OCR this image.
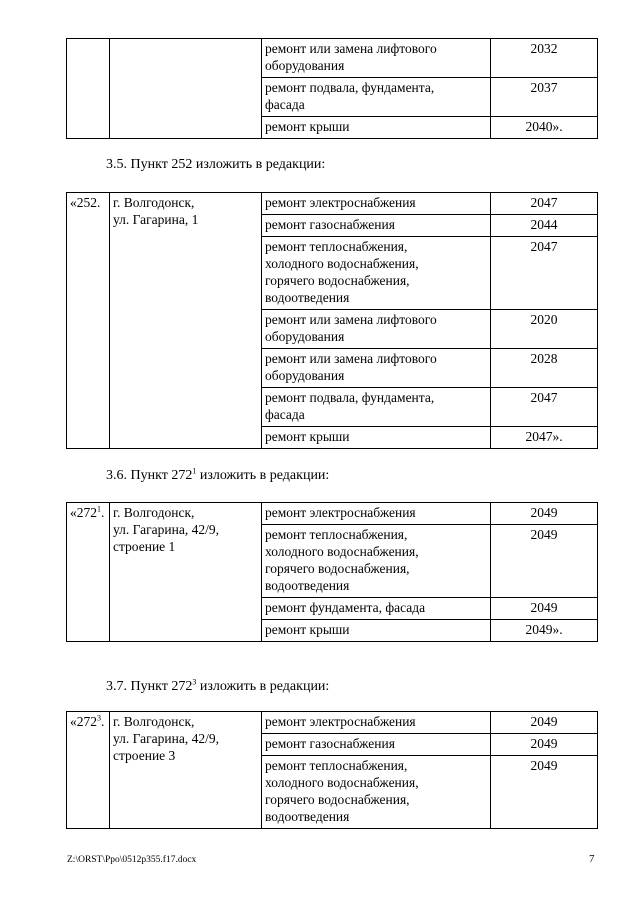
		ремонт или замена лифтового
оборудования	2032

		ремонт подвала, фундамента,
фасада	2037

		ремонт крыши	2040».
3.5. Пункт 252 изложить в редакции:
«252.	г. Волгодонск,
ул. Гагарина, 1	ремонт электроснабжения	2047

		ремонт газоснабжения	2044

		ремонт теплоснабжения,
холодного водоснабжения,
горячего водоснабжения,
водоотведения	2047

		ремонт или замена лифтового
оборудования	2020

		ремонт или замена лифтового
оборудования	2028

		ремонт подвала, фундамента,
фасада	2047

		ремонт крыши	2047».
3.6. Пункт $272^1$ изложить в редакции:
«$272^1$.	г. Волгодонск,
ул. Гагарина, 42/9,
строение 1	ремонт электроснабжения	2049

		ремонт теплоснабжения,
холодного водоснабжения,
горячего водоснабжения,
водоотведения	2049

		ремонт фундамента, фасада	2049

		ремонт крыши	2049».
3.7. Пункт $272^3$ изложить в редакции:
«$272^3$.	г. Волгодонск,
ул. Гагарина, 42/9,
строение 3	ремонт электроснабжения	2049

		ремонт газоснабжения	2049

		ремонт теплоснабжения,
холодного водоснабжения,
горячего водоснабжения,
водоотведения	2049
Z:\ORST\Ppo\0512p355.f17.docx	7
